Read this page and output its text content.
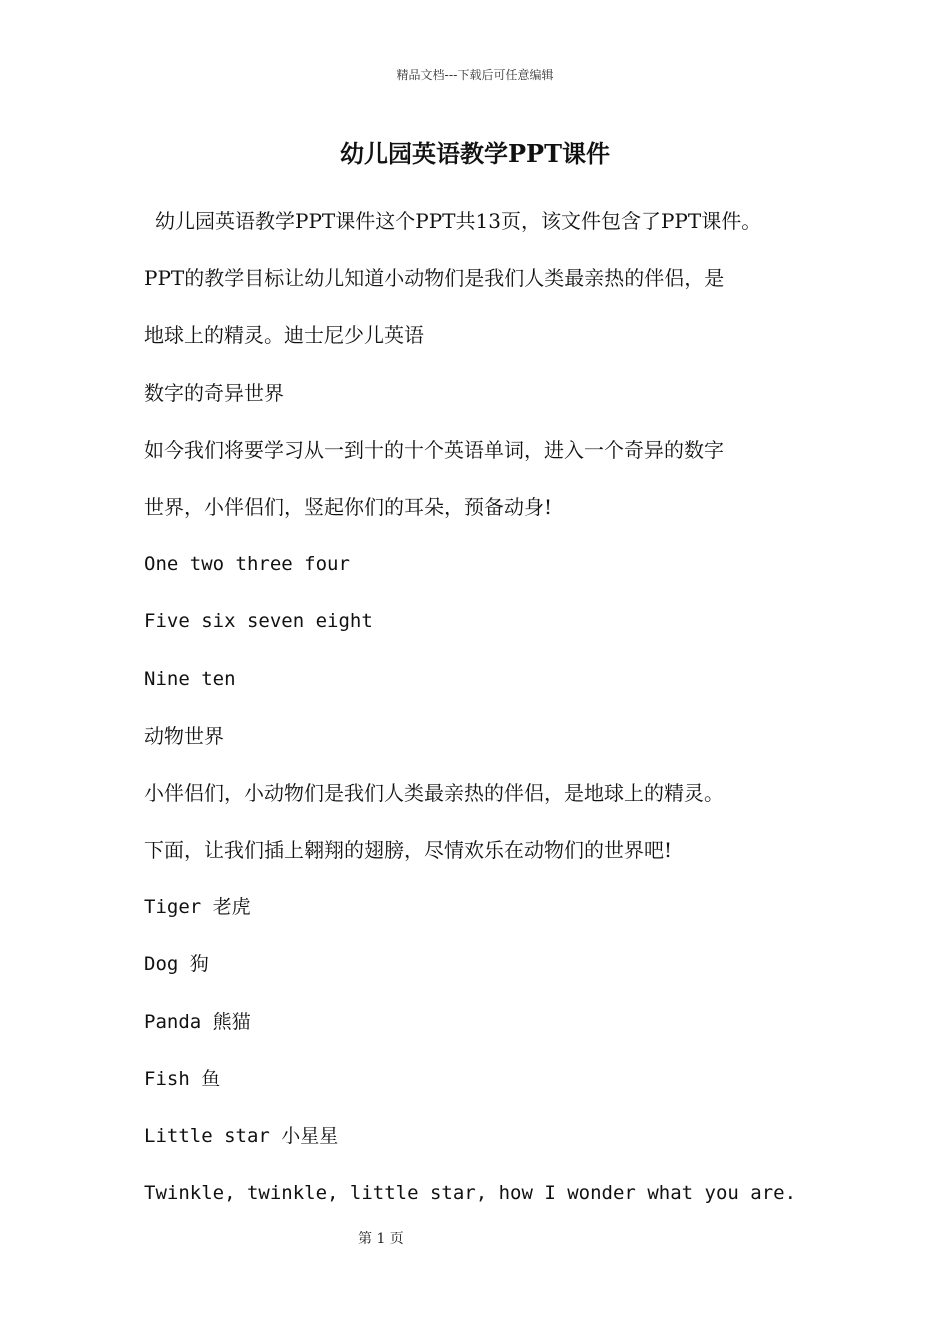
精品文档---下载后可任意编辑
幼儿园英语教学PPT课件
幼儿园英语教学PPT课件这个PPT共13页，该文件包含了PPT课件。
PPT的教学目标让幼儿知道小动物们是我们人类最亲热的伴侣，是
地球上的精灵。迪士尼少儿英语
数字的奇异世界
如今我们将要学习从一到十的十个英语单词，进入一个奇异的数字
世界，小伴侣们，竖起你们的耳朵，预备动身!
One two three four
Five six seven eight
Nine ten
动物世界
小伴侣们，小动物们是我们人类最亲热的伴侣，是地球上的精灵。
下面，让我们插上翱翔的翅膀，尽情欢乐在动物们的世界吧!
Tiger 老虎
Dog 狗
Panda 熊猫
Fish 鱼
Little star 小星星
Twinkle, twinkle, little star, how I wonder what you are.
第 1 页
